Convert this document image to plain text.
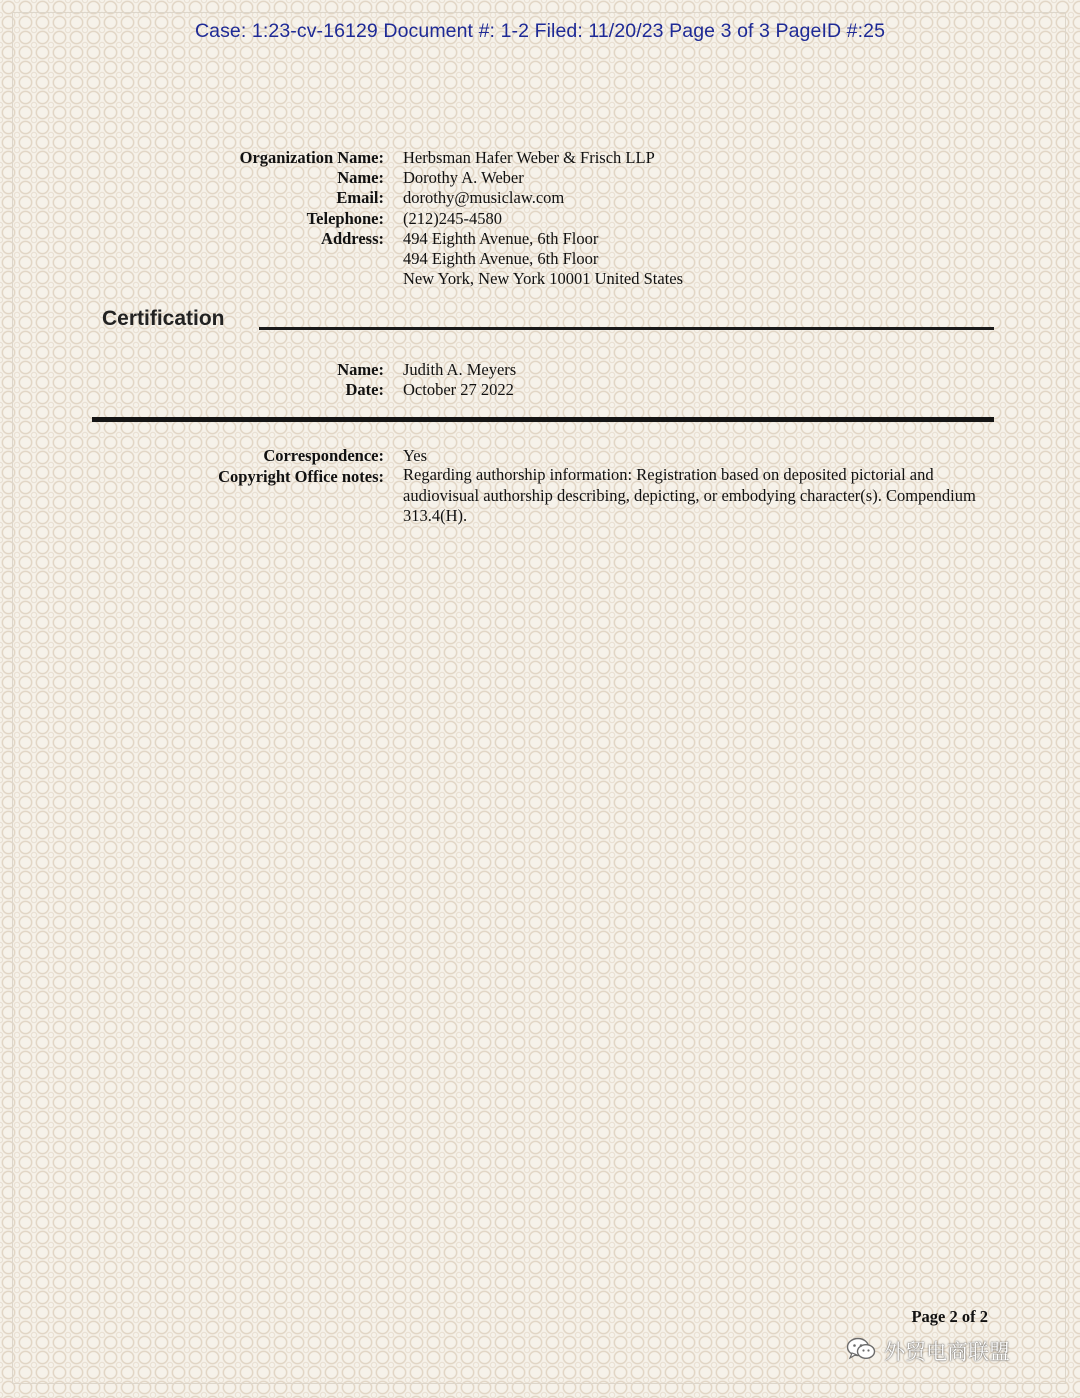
Case: 1:23-cv-16129 Document #: 1-2 Filed: 11/20/23 Page 3 of 3 PageID #:25
Organization Name: Herbsman Hafer Weber & Frisch LLP
Name: Dorothy A. Weber
Email: dorothy@musiclaw.com
Telephone: (212)245-4580
Address: 494 Eighth Avenue, 6th Floor
494 Eighth Avenue, 6th Floor
New York, New York 10001 United States
Certification
Name: Judith A. Meyers
Date: October 27 2022
Correspondence: Yes
Copyright Office notes: Regarding authorship information: Registration based on deposited pictorial and audiovisual authorship describing, depicting, or embodying character(s). Compendium 313.4(H).
Page 2 of 2
外贸电商联盟
